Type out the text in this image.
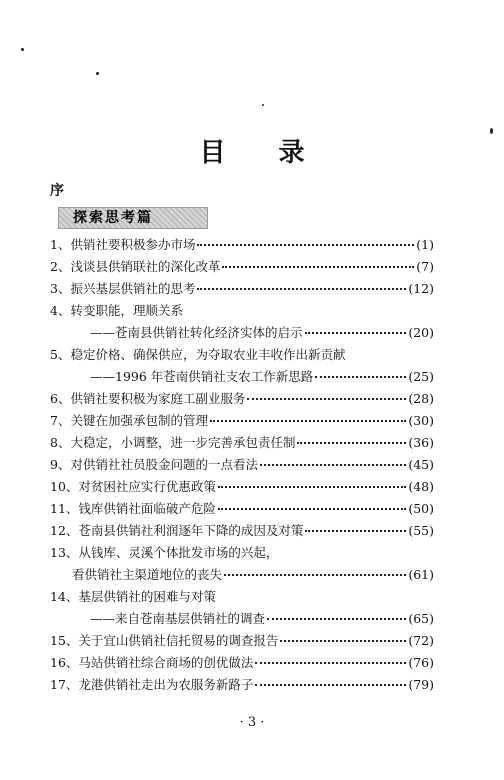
目 录
序
探索思考篇
1、供销社要积极参办市场	(1)
2、浅谈县供销联社的深化改革	(7)
3、振兴基层供销社的思考	(12)
4、转变职能，理顺关系
——苍南县供销社转化经济实体的启示	(20)
5、稳定价格、确保供应，为夺取农业丰收作出新贡献
——1996 年苍南供销社支农工作新思路	(25)
6、供销社要积极为家庭工副业服务	(28)
7、关键在加强承包制的管理	(30)
8、大稳定，小调整，进一步完善承包责任制	(36)
9、对供销社社员股金问题的一点看法	(45)
10、对贫困社应实行优惠政策	(48)
11、钱库供销社面临破产危险	(50)
12、苍南县供销社利润逐年下降的成因及对策	(55)
13、从钱库、灵溪个体批发市场的兴起，
看供销社主渠道地位的丧失	(61)
14、基层供销社的困难与对策
——来自苍南基层供销社的调查	(65)
15、关于宜山供销社信托贸易的调查报告	(72)
16、马站供销社综合商场的创优做法	(76)
17、龙港供销社走出为农服务新路子	(79)
· 3 ·
